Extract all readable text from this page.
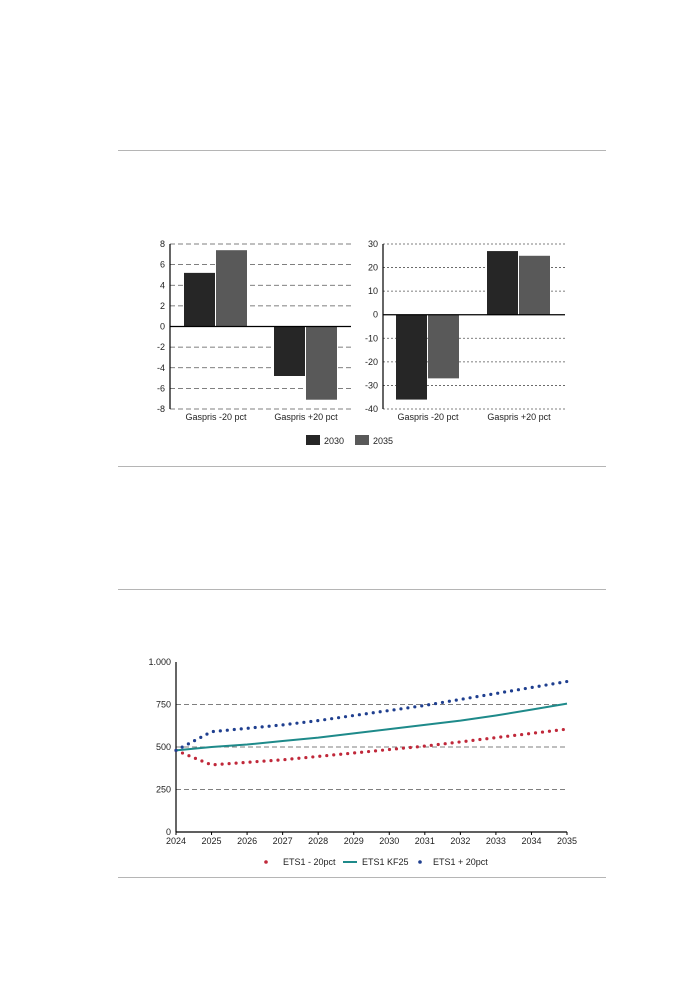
8
6
4
2
0
-2
-4
-6
-8
Gaspris -20 pct	Gaspris +20 pct
30
20
10
0
-10
-20
-30
-40
Gaspris -20 pct	Gaspris +20 pct
2030	2035
0
250
500
750
1.000
2024 2025 2026 2027 2028 2029 2030 2031 2032 2033 2034 2035
ETS1 - 20pct	ETS1 KF25	ETS1 + 20pct
